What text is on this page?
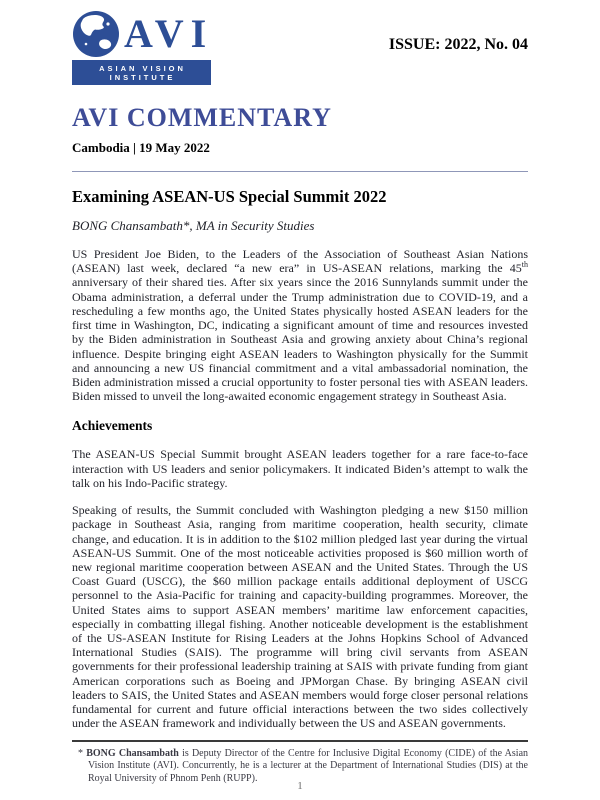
AVI
ASIAN VISION INSTITUTE
ISSUE: 2022, No. 04
AVI COMMENTARY
Cambodia | 19 May 2022
Examining ASEAN-US Special Summit 2022
BONG Chansambath*, MA in Security Studies

US President Joe Biden, to the Leaders of the Association of Southeast Asian Nations (ASEAN) last week, declared “a new era” in US-ASEAN relations, marking the 45th anniversary of their shared ties. After six years since the 2016 Sunnylands summit under the Obama administration, a deferral under the Trump administration due to COVID-19, and a rescheduling a few months ago, the United States physically hosted ASEAN leaders for the first time in Washington, DC, indicating a significant amount of time and resources invested by the Biden administration in Southeast Asia and growing anxiety about China’s regional influence. Despite bringing eight ASEAN leaders to Washington physically for the Summit and announcing a new US financial commitment and a vital ambassadorial nomination, the Biden administration missed a crucial opportunity to foster personal ties with ASEAN leaders. Biden missed to unveil the long-awaited economic engagement strategy in Southeast Asia.

Achievements

The ASEAN-US Special Summit brought ASEAN leaders together for a rare face-to-face interaction with US leaders and senior policymakers. It indicated Biden’s attempt to walk the talk on his Indo-Pacific strategy.

Speaking of results, the Summit concluded with Washington pledging a new $150 million package in Southeast Asia, ranging from maritime cooperation, health security, climate change, and education. It is in addition to the $102 million pledged last year during the virtual ASEAN-US Summit. One of the most noticeable activities proposed is $60 million worth of new regional maritime cooperation between ASEAN and the United States. Through the US Coast Guard (USCG), the $60 million package entails additional deployment of USCG personnel to the Asia-Pacific for training and capacity-building programmes. Moreover, the United States aims to support ASEAN members’ maritime law enforcement capacities, especially in combatting illegal fishing. Another noticeable development is the establishment of the US-ASEAN Institute for Rising Leaders at the Johns Hopkins School of Advanced International Studies (SAIS). The programme will bring civil servants from ASEAN governments for their professional leadership training at SAIS with private funding from giant American corporations such as Boeing and JPMorgan Chase. By bringing ASEAN civil leaders to SAIS, the United States and ASEAN members would forge closer personal relations fundamental for current and future official interactions between the two sides collectively under the ASEAN framework and individually between the US and ASEAN governments.

* BONG Chansambath is Deputy Director of the Centre for Inclusive Digital Economy (CIDE) of the Asian Vision Institute (AVI). Concurrently, he is a lecturer at the Department of International Studies (DIS) at the Royal University of Phnom Penh (RUPP).
1
